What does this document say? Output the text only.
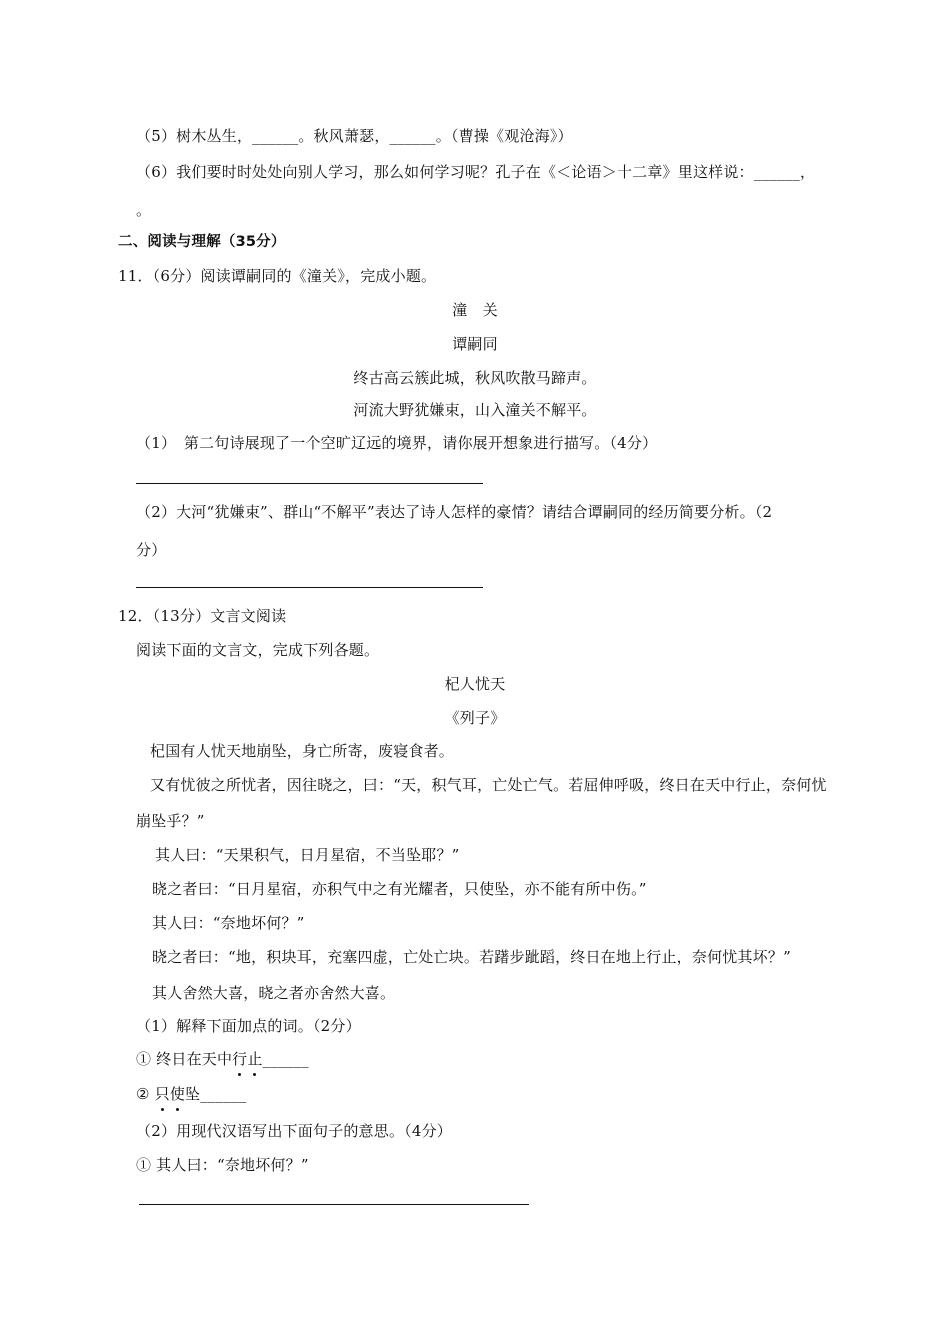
（5）树木丛生，______。秋风萧瑟，______。（曹操《观沧海》）
（6）我们要时时处处向别人学习，那么如何学习呢？孔子在《＜论语＞十二章》里这样说：______，
。
二、阅读与理解（35分）
11．（6分）阅读谭嗣同的《潼关》，完成小题。
潼　关
谭嗣同
终古高云簇此城，秋风吹散马蹄声。
河流大野犹嫌束，山入潼关不解平。
（1）　第二句诗展现了一个空旷辽远的境界，请你展开想象进行描写。（4分）
（2）大河“犹嫌束”、群山“不解平”表达了诗人怎样的豪情？请结合谭嗣同的经历简要分析。（2
分）
12．（13分）文言文阅读
阅读下面的文言文，完成下列各题。
杞人忧天
《列子》
杞国有人忧天地崩坠，身亡所寄，废寝食者。
又有忧彼之所忧者，因往晓之，曰：“天，积气耳，亡处亡气。若屈伸呼吸，终日在天中行止，奈何忧
崩坠乎？”
其人曰：“天果积气，日月星宿，不当坠耶？”
晓之者曰：“日月星宿，亦积气中之有光耀者，只使坠，亦不能有所中伤。”
其人曰：“奈地坏何？”
晓之者曰：“地，积块耳，充塞四虚，亡处亡块。若躇步跐蹈，终日在地上行止，奈何忧其坏？”
其人舍然大喜，晓之者亦舍然大喜。
（1）解释下面加点的词。（2分）
① 终日在天中行止______
② 只使坠______
（2）用现代汉语写出下面句子的意思。（4分）
① 其人曰：“奈地坏何？”
